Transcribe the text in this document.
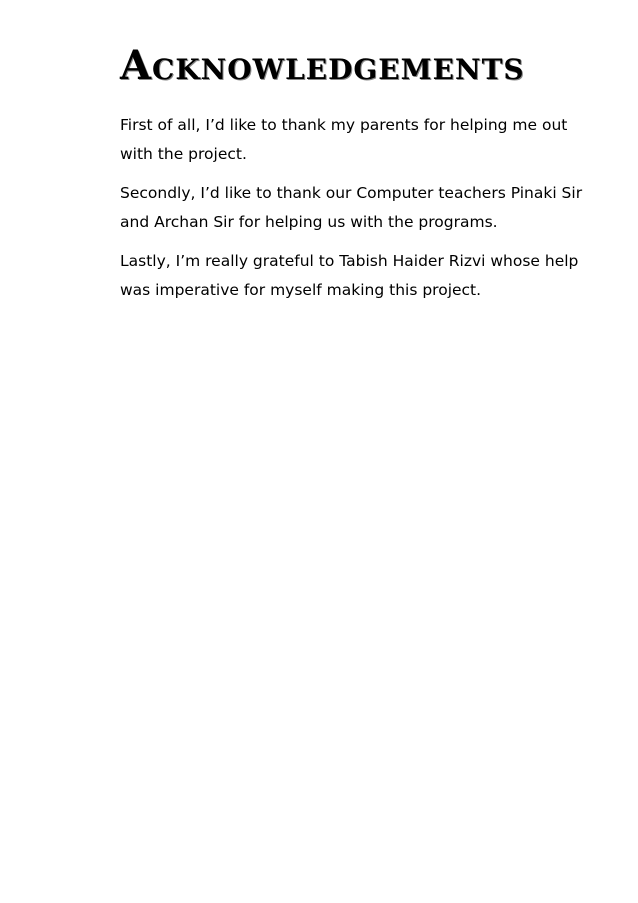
Acknowledgements

First of all, I’d like to thank my parents for helping me out
with the project.

Secondly, I’d like to thank our Computer teachers Pinaki Sir
and Archan Sir for helping us with the programs.

Lastly, I’m really grateful to Tabish Haider Rizvi whose help
was imperative for myself making this project.
